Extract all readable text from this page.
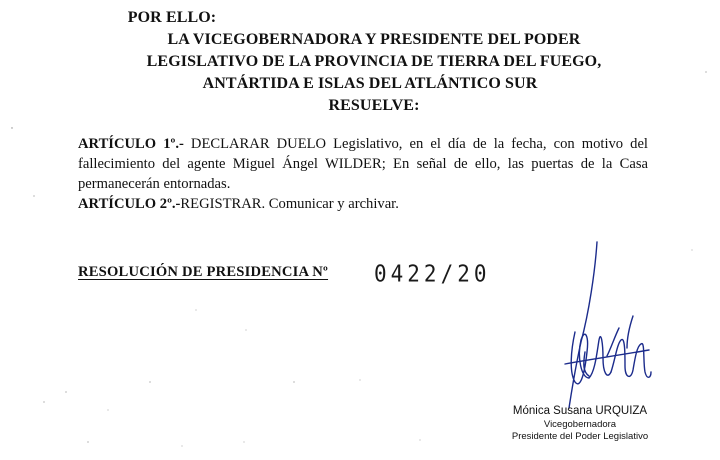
POR ELLO:
LA VICEGOBERNADORA Y PRESIDENTE DEL PODER
LEGISLATIVO DE LA PROVINCIA DE TIERRA DEL FUEGO,
ANTÁRTIDA E ISLAS DEL ATLÁNTICO SUR
RESUELVE:

ARTÍCULO 1º.- DECLARAR DUELO Legislativo, en el día de la fecha, con motivo del fallecimiento del agente Miguel Ángel WILDER; En señal de ello, las puertas de la Casa permanecerán entornadas.

ARTÍCULO 2º.-REGISTRAR. Comunicar y archivar.

RESOLUCIÓN DE PRESIDENCIA Nº 0422/20
Mónica Susana URQUIZA
Vicegobernadora
Presidente del Poder Legislativo
